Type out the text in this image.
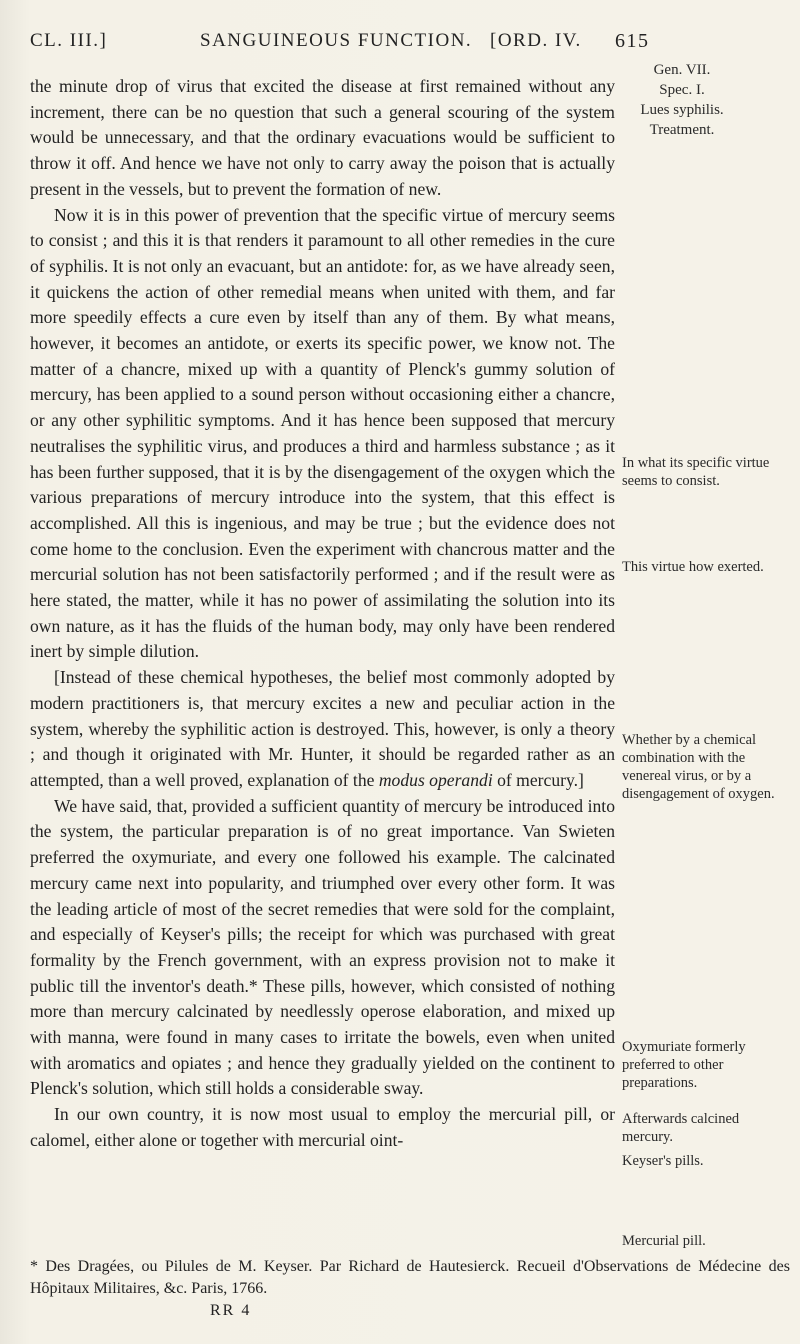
CL. III.]	SANGUINEOUS FUNCTION. [ORD. IV. 615
Gen. VII.
Spec. I.
Lues syphilis.
Treatment.

the minute drop of virus that excited the disease at first remained without any increment, there can be no question that such a general scouring of the system would be unnecessary, and that the ordinary evacuations would be sufficient to throw it off. And hence we have not only to carry away the poison that is actually present in the vessels, but to prevent the formation of new.

Now it is in this power of prevention that the specific virtue of mercury seems to consist ; and this it is that renders it paramount to all other remedies in the cure of syphilis. It is not only an evacuant, but an antidote: for, as we have already seen, it quickens the action of other remedial means when united with them, and far more speedily effects a cure even by itself than any of them. By what means, however, it becomes an antidote, or exerts its specific power, we know not. The matter of a chancre, mixed up with a quantity of Plenck's gummy solution of mercury, has been applied to a sound person without occasioning either a chancre, or any other syphilitic symptoms. And it has hence been supposed that mercury neutralises the syphilitic virus, and produces a third and harmless substance ; as it has been further supposed, that it is by the disengagement of the oxygen which the various preparations of mercury introduce into the system, that this effect is accomplished. All this is ingenious, and may be true ; but the evidence does not come home to the conclusion. Even the experiment with chancrous matter and the mercurial solution has not been satisfactorily performed ; and if the result were as here stated, the matter, while it has no power of assimilating the solution into its own nature, as it has the fluids of the human body, may only have been rendered inert by simple dilution.

[Instead of these chemical hypotheses, the belief most commonly adopted by modern practitioners is, that mercury excites a new and peculiar action in the system, whereby the syphilitic action is destroyed. This, however, is only a theory ; and though it originated with Mr. Hunter, it should be regarded rather as an attempted, than a well proved, explanation of the modus operandi of mercury.]

We have said, that, provided a sufficient quantity of mercury be introduced into the system, the particular preparation is of no great importance. Van Swieten preferred the oxymuriate, and every one followed his example. The calcinated mercury came next into popularity, and triumphed over every other form. It was the leading article of most of the secret remedies that were sold for the complaint, and especially of Keyser's pills; the receipt for which was purchased with great formality by the French government, with an express provision not to make it public till the inventor's death.* These pills, however, which consisted of nothing more than mercury calcinated by needlessly operose elaboration, and mixed up with manna, were found in many cases to irritate the bowels, even when united with aromatics and opiates ; and hence they gradually yielded on the continent to Plenck's solution, which still holds a considerable sway.

In our own country, it is now most usual to employ the mercurial pill, or calomel, either alone or together with mercurial oint-

In what its specific virtue seems to consist.
This virtue how exerted.
Whether by a chemical combination with the venereal virus, or by a disengagement of oxygen.
Oxymuriate formerly preferred to other preparations.
Afterwards calcined mercury.
Keyser's pills.
Mercurial pill.
* Des Dragées, ou Pilules de M. Keyser. Par Richard de Hautesierck. Recueil d'Observations de Médecine des Hôpitaux Militaires, &c. Paris, 1766.
RR 4
